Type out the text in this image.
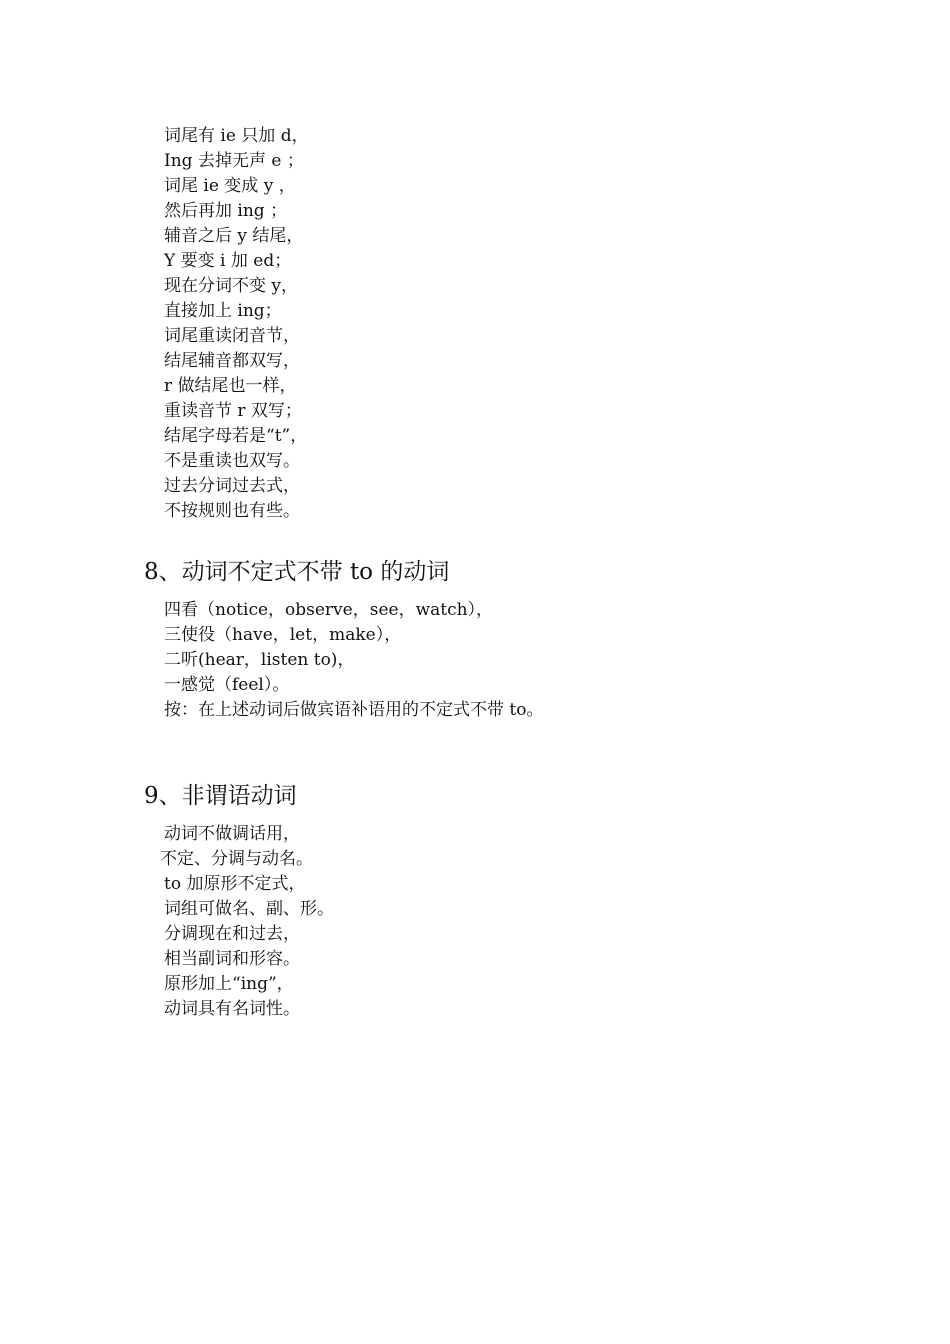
词尾有 ie 只加 d，
Ing 去掉无声 e ；
词尾 ie 变成 y ，
然后再加 ing ；
辅音之后 y 结尾，
Y 要变 i 加 ed；
现在分词不变 y，
直接加上 ing；
词尾重读闭音节，
结尾辅音都双写，
r 做结尾也一样，
重读音节 r 双写；
结尾字母若是“t”，
不是重读也双写。
过去分词过去式，
不按规则也有些。
8、动词不定式不带 to 的动词
四看（notice，observe，see，watch），
三使役（have，let，make），
二听(hear，listen to)，
一感觉（feel）。
按：在上述动词后做宾语补语用的不定式不带 to。
9、非谓语动词
动词不做调话用，
不定、分调与动名。
to 加原形不定式，
词组可做名、副、形。
分调现在和过去，
相当副词和形容。
原形加上“ing”，
动词具有名词性。
